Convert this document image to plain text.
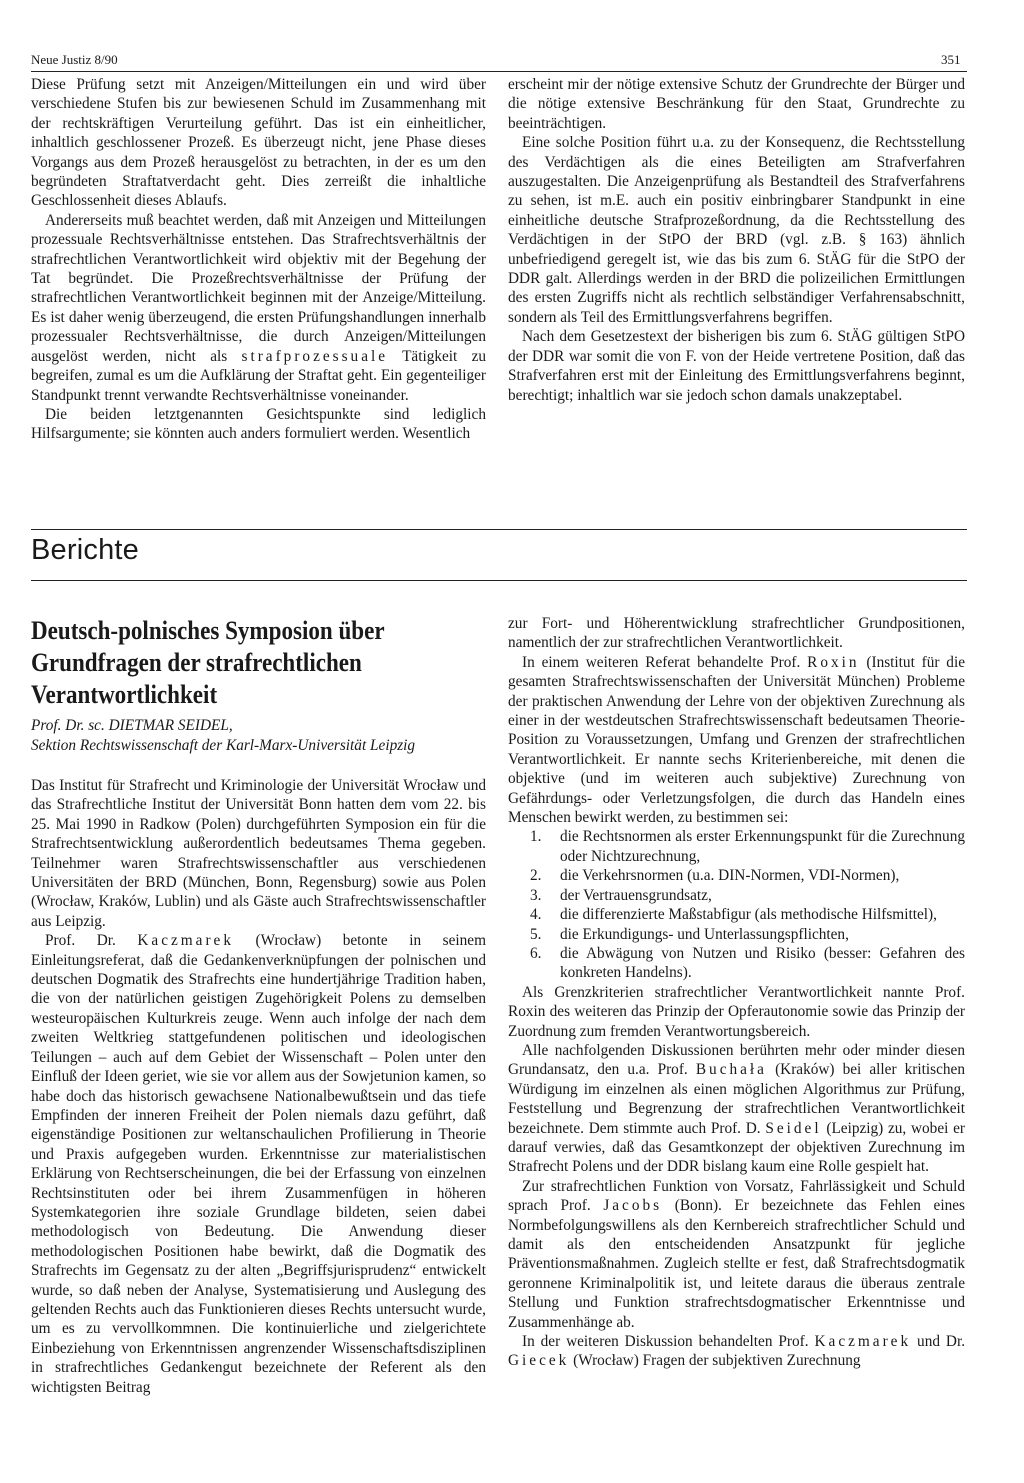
Neue Justiz 8/90	351

Diese Prüfung setzt mit Anzeigen/Mitteilungen ein und wird über verschiedene Stufen bis zur bewiesenen Schuld im Zusammenhang mit der rechtskräftigen Verurteilung geführt. Das ist ein einheitlicher, inhaltlich geschlossener Prozeß. Es überzeugt nicht, jene Phase dieses Vorgangs aus dem Prozeß herausgelöst zu betrachten, in der es um den begründeten Straftatverdacht geht. Dies zerreißt die inhaltliche Geschlossenheit dieses Ablaufs.

Andererseits muß beachtet werden, daß mit Anzeigen und Mitteilungen prozessuale Rechtsverhältnisse entstehen. Das Strafrechtsverhältnis der strafrechtlichen Verantwortlichkeit wird objektiv mit der Begehung der Tat begründet. Die Prozeßrechtsverhältnisse der Prüfung der strafrechtlichen Verantwortlichkeit beginnen mit der Anzeige/Mitteilung. Es ist daher wenig überzeugend, die ersten Prüfungshandlungen innerhalb prozessualer Rechtsverhältnisse, die durch Anzeigen/Mitteilungen ausgelöst werden, nicht als strafprozessuale Tätigkeit zu begreifen, zumal es um die Aufklärung der Straftat geht. Ein gegenteiliger Standpunkt trennt verwandte Rechtsverhältnisse voneinander.

Die beiden letztgenannten Gesichtspunkte sind lediglich Hilfsargumente; sie könnten auch anders formuliert werden. Wesentlich

erscheint mir der nötige extensive Schutz der Grundrechte der Bürger und die nötige extensive Beschränkung für den Staat, Grundrechte zu beeinträchtigen.

Eine solche Position führt u.a. zu der Konsequenz, die Rechtsstellung des Verdächtigen als die eines Beteiligten am Strafverfahren auszugestalten. Die Anzeigenprüfung als Bestandteil des Strafverfahrens zu sehen, ist m.E. auch ein positiv einbringbarer Standpunkt in eine einheitliche deutsche Strafprozeßordnung, da die Rechtsstellung des Verdächtigen in der StPO der BRD (vgl. z.B. § 163) ähnlich unbefriedigend geregelt ist, wie das bis zum 6. StÄG für die StPO der DDR galt. Allerdings werden in der BRD die polizeilichen Ermittlungen des ersten Zugriffs nicht als rechtlich selbständiger Verfahrensabschnitt, sondern als Teil des Ermittlungsverfahrens begriffen.

Nach dem Gesetzestext der bisherigen bis zum 6. StÄG gültigen StPO der DDR war somit die von F. von der Heide vertretene Position, daß das Strafverfahren erst mit der Einleitung des Ermittlungsverfahrens beginnt, berechtigt; inhaltlich war sie jedoch schon damals unakzeptabel.

Berichte
Deutsch-polnisches Symposion über
Grundfragen der strafrechtlichen
Verantwortlichkeit
Prof. Dr. sc. DIETMAR SEIDEL,
Sektion Rechtswissenschaft der Karl-Marx-Universität Leipzig

Das Institut für Strafrecht und Kriminologie der Universität Wrocław und das Strafrechtliche Institut der Universität Bonn hatten dem vom 22. bis 25. Mai 1990 in Radkow (Polen) durchgeführten Symposion ein für die Strafrechtsentwicklung außerordentlich bedeutsames Thema gegeben. Teilnehmer waren Strafrechtswissenschaftler aus verschiedenen Universitäten der BRD (München, Bonn, Regensburg) sowie aus Polen (Wrocław, Kraków, Lublin) und als Gäste auch Strafrechtswissenschaftler aus Leipzig.

Prof. Dr. Kaczmarek (Wrocław) betonte in seinem Einleitungsreferat, daß die Gedankenverknüpfungen der polnischen und deutschen Dogmatik des Strafrechts eine hundertjährige Tradition haben, die von der natürlichen geistigen Zugehörigkeit Polens zu demselben westeuropäischen Kulturkreis zeuge. Wenn auch infolge der nach dem zweiten Weltkrieg stattgefundenen politischen und ideologischen Teilungen – auch auf dem Gebiet der Wissenschaft – Polen unter den Einfluß der Ideen geriet, wie sie vor allem aus der Sowjetunion kamen, so habe doch das historisch gewachsene Nationalbewußtsein und das tiefe Empfinden der inneren Freiheit der Polen niemals dazu geführt, daß eigenständige Positionen zur weltanschaulichen Profilierung in Theorie und Praxis aufgegeben wurden. Erkenntnisse zur materialistischen Erklärung von Rechtserscheinungen, die bei der Erfassung von einzelnen Rechtsinstituten oder bei ihrem Zusammenfügen in höheren Systemkategorien ihre soziale Grundlage bildeten, seien dabei methodologisch von Bedeutung. Die Anwendung dieser methodologischen Positionen habe bewirkt, daß die Dogmatik des Strafrechts im Gegensatz zu der alten „Begriffsjurisprudenz“ entwickelt wurde, so daß neben der Analyse, Systematisierung und Auslegung des geltenden Rechts auch das Funktionieren dieses Rechts untersucht wurde, um es zu vervollkommnen. Die kontinuierliche und zielgerichtete Einbeziehung von Erkenntnissen angrenzender Wissenschaftsdisziplinen in strafrechtliches Gedankengut bezeichnete der Referent als den wichtigsten Beitrag

zur Fort- und Höherentwicklung strafrechtlicher Grundpositionen, namentlich der zur strafrechtlichen Verantwortlichkeit.

In einem weiteren Referat behandelte Prof. Roxin (Institut für die gesamten Strafrechtswissenschaften der Universität München) Probleme der praktischen Anwendung der Lehre von der objektiven Zurechnung als einer in der westdeutschen Strafrechtswissenschaft bedeutsamen Theorie-Position zu Voraussetzungen, Umfang und Grenzen der strafrechtlichen Verantwortlichkeit. Er nannte sechs Kriterienbereiche, mit denen die objektive (und im weiteren auch subjektive) Zurechnung von Gefährdungs- oder Verletzungsfolgen, die durch das Handeln eines Menschen bewirkt werden, zu bestimmen sei:

1. die Rechtsnormen als erster Erkennungspunkt für die Zurechnung oder Nichtzurechnung,
2. die Verkehrsnormen (u.a. DIN-Normen, VDI-Normen),
3. der Vertrauensgrundsatz,
4. die differenzierte Maßstabfigur (als methodische Hilfsmittel),
5. die Erkundigungs- und Unterlassungspflichten,
6. die Abwägung von Nutzen und Risiko (besser: Gefahren des konkreten Handelns).

Als Grenzkriterien strafrechtlicher Verantwortlichkeit nannte Prof. Roxin des weiteren das Prinzip der Opferautonomie sowie das Prinzip der Zuordnung zum fremden Verantwortungsbereich.

Alle nachfolgenden Diskussionen berührten mehr oder minder diesen Grundansatz, den u.a. Prof. Buchała (Kraków) bei aller kritischen Würdigung im einzelnen als einen möglichen Algorithmus zur Prüfung, Feststellung und Begrenzung der strafrechtlichen Verantwortlichkeit bezeichnete. Dem stimmte auch Prof. D. Seidel (Leipzig) zu, wobei er darauf verwies, daß das Gesamtkonzept der objektiven Zurechnung im Strafrecht Polens und der DDR bislang kaum eine Rolle gespielt hat.

Zur strafrechtlichen Funktion von Vorsatz, Fahrlässigkeit und Schuld sprach Prof. Jacobs (Bonn). Er bezeichnete das Fehlen eines Normbefolgungswillens als den Kernbereich strafrechtlicher Schuld und damit als den entscheidenden Ansatzpunkt für jegliche Präventionsmaßnahmen. Zugleich stellte er fest, daß Strafrechtsdogmatik geronnene Kriminalpolitik ist, und leitete daraus die überaus zentrale Stellung und Funktion strafrechtsdogmatischer Erkenntnisse und Zusammenhänge ab.

In der weiteren Diskussion behandelten Prof. Kaczmarek und Dr. Giecek (Wrocław) Fragen der subjektiven Zurechnung
